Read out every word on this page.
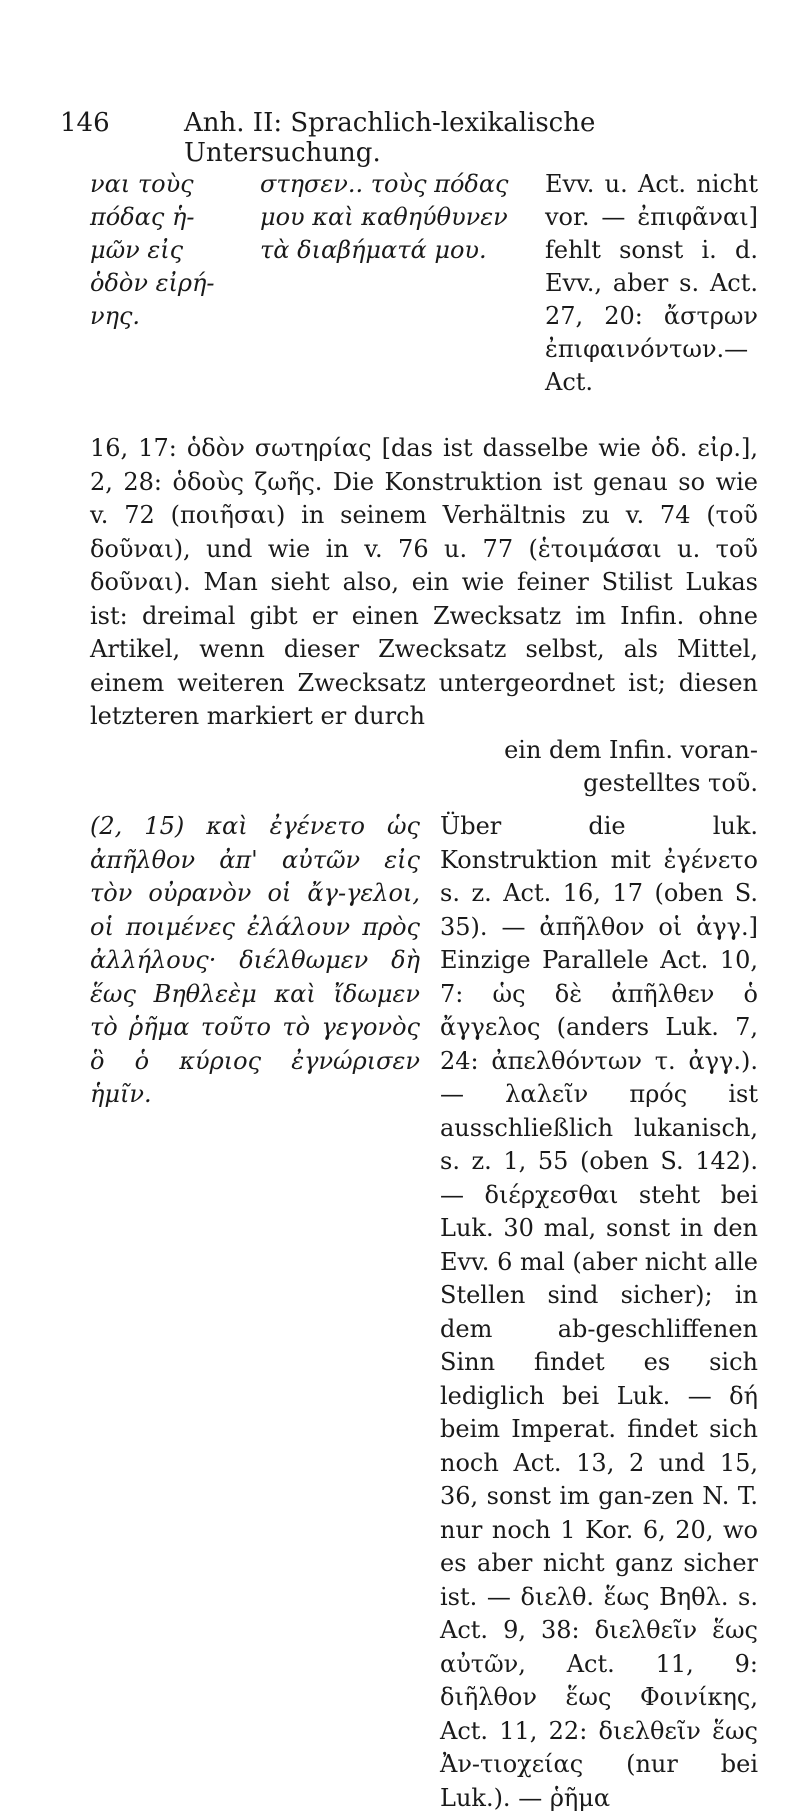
146	Anh. II: Sprachlich-lexikalische Untersuchung.

ναι τοὺς πόδας ἡ-μῶν εἰς ὁδὸν εἰρή-νης.

στησεν.. τοὺς πόδας μου καὶ καθηύθυνεν τὰ διαβήματά μου.

Evv. u. Act. nicht vor. — ἐπιφᾶναι] fehlt sonst i. d. Evv., aber s. Act. 27, 20: ἄστρων ἐπιφαινόντων.—Act.

16, 17: ὁδὸν σωτηρίας [das ist dasselbe wie ὁδ. εἰρ.], 2, 28: ὁδοὺς ζωῆς. Die Konstruktion ist genau so wie v. 72 (ποιῆσαι) in seinem Verhältnis zu v. 74 (τοῦ δοῦναι), und wie in v. 76 u. 77 (ἑτοιμάσαι u. τοῦ δοῦναι). Man sieht also, ein wie feiner Stilist Lukas ist: dreimal gibt er einen Zwecksatz im Infin. ohne Artikel, wenn dieser Zwecksatz selbst, als Mittel, einem weiteren Zwecksatz untergeordnet ist; diesen letzteren markiert er durch

ein dem Infin. voran-

gestelltes τοῦ.

(2, 15) καὶ ἐγένετο ὡς ἀπῆλθον ἀπ' αὐτῶν εἰς τὸν οὐρανὸν οἱ ἄγ-γελοι, οἱ ποιμένες ἐλάλουν πρὸς ἀλλήλους· διέλθωμεν δὴ ἕως Βηθλεὲμ καὶ ἴδωμεν τὸ ῥῆμα τοῦτο τὸ γεγονὸς ὃ ὁ κύριος ἐγνώρισεν ἡμῖν.

Über die luk. Konstruktion mit ἐγένετο s. z. Act. 16, 17 (oben S. 35). — ἀπῆλθον οἱ ἀγγ.] Einzige Parallele Act. 10, 7: ὡς δὲ ἀπῆλθεν ὁ ἄγγελος (anders Luk. 7, 24: ἀπελθόντων τ. ἀγγ.). — λαλεῖν πρός ist ausschließlich lukanisch, s. z. 1, 55 (oben S. 142). — διέρχεσθαι steht bei Luk. 30 mal, sonst in den Evv. 6 mal (aber nicht alle Stellen sind sicher); in dem ab-geschliffenen Sinn findet es sich lediglich bei Luk. — δή beim Imperat. findet sich noch Act. 13, 2 und 15, 36, sonst im gan-zen N. T. nur noch 1 Kor. 6, 20, wo es aber nicht ganz sicher ist. — διελθ. ἕως Βηθλ. s. Act. 9, 38: διελθεῖν ἕως αὐτῶν, Act. 11, 9: διῆλθον ἕως Φοινίκης, Act. 11, 22: διελθεῖν ἕως Ἀν-τιοχείας (nur bei Luk.). — ῥῆμα
